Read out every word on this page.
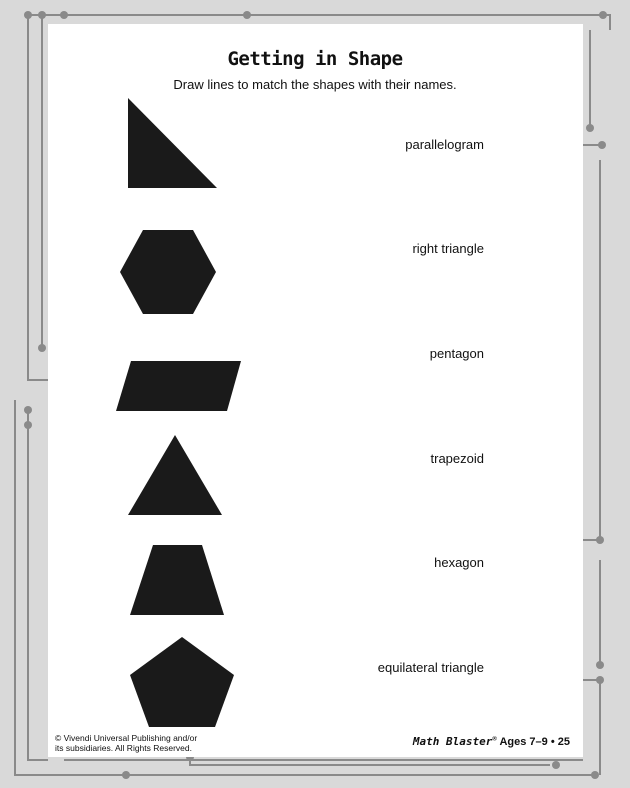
Getting in Shape
Draw lines to match the shapes with their names.
parallelogram
right triangle
pentagon
trapezoid
hexagon
equilateral triangle
© Vivendi Universal Publishing and/or
its subsidiaries. All Rights Reserved.	Math Blaster® Ages 7–9 • 25
